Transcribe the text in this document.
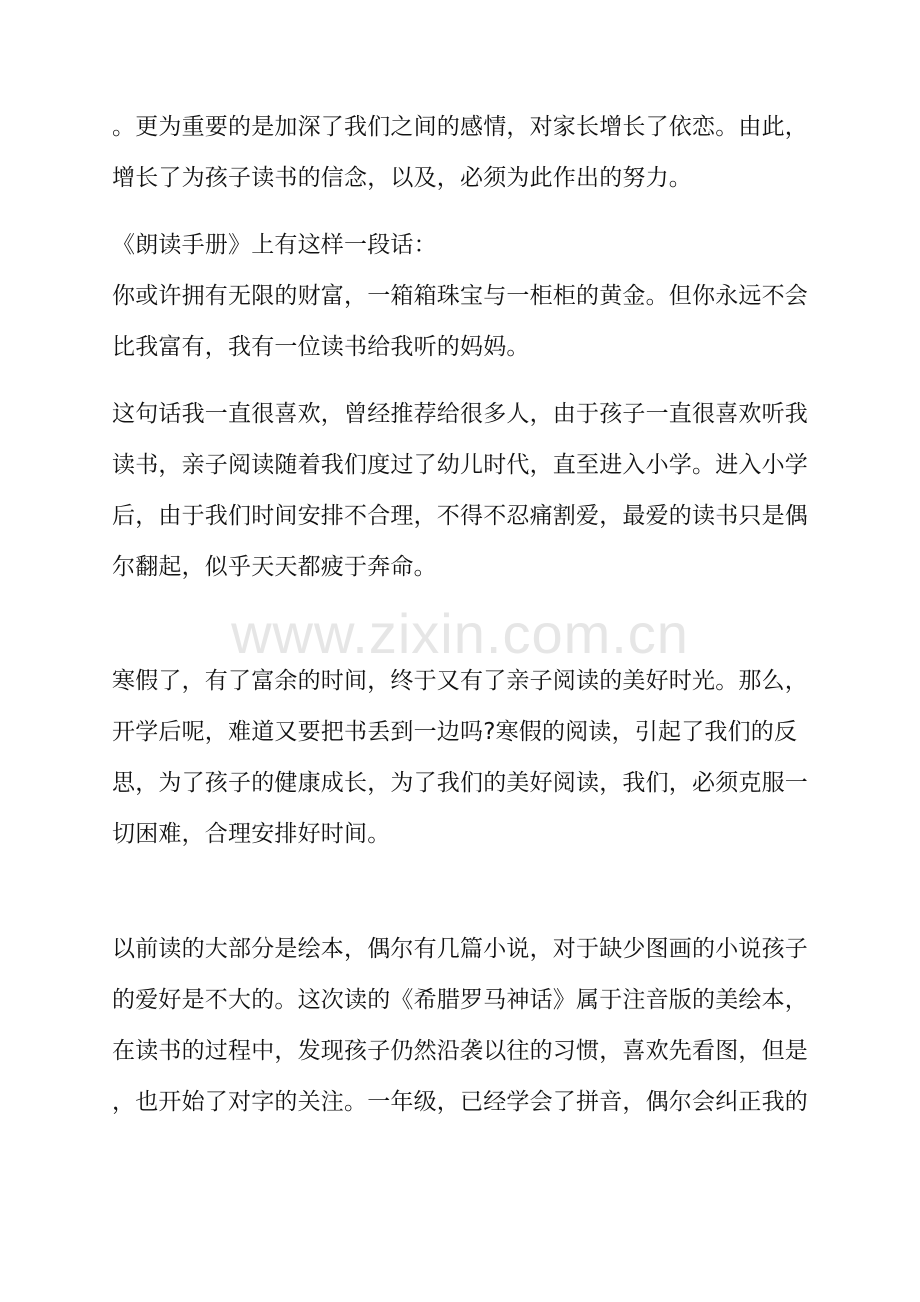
。更为重要的是加深了我们之间的感情，对家长增长了依恋。由此，
增长了为孩子读书的信念，以及，必须为此作出的努力。
《朗读手册》上有这样一段话：
你或许拥有无限的财富，一箱箱珠宝与一柜柜的黄金。但你永远不会
比我富有，我有一位读书给我听的妈妈。
这句话我一直很喜欢，曾经推荐给很多人，由于孩子一直很喜欢听我
读书，亲子阅读随着我们度过了幼儿时代，直至进入小学。进入小学
后，由于我们时间安排不合理，不得不忍痛割爱，最爱的读书只是偶
尔翻起，似乎天天都疲于奔命。
www.zixin.com.cn
寒假了，有了富余的时间，终于又有了亲子阅读的美好时光。那么，
开学后呢，难道又要把书丢到一边吗?寒假的阅读，引起了我们的反
思，为了孩子的健康成长，为了我们的美好阅读，我们，必须克服一
切困难，合理安排好时间。
以前读的大部分是绘本，偶尔有几篇小说，对于缺少图画的小说孩子
的爱好是不大的。这次读的《希腊罗马神话》属于注音版的美绘本，
在读书的过程中，发现孩子仍然沿袭以往的习惯，喜欢先看图，但是
，也开始了对字的关注。一年级，已经学会了拼音，偶尔会纠正我的
